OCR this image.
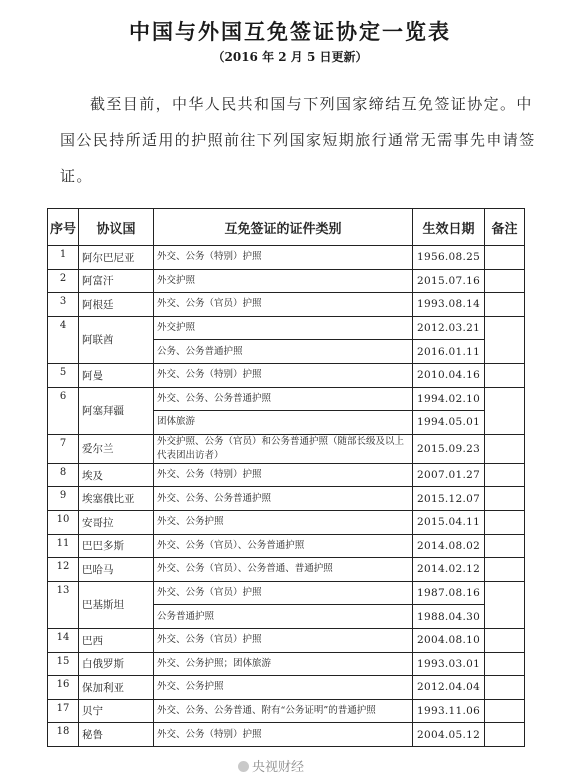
中国与外国互免签证协定一览表
（2016 年 2 月 5 日更新）
截至目前，中华人民共和国与下列国家缔结互免签证协定。中国公民持所适用的护照前往下列国家短期旅行通常无需事先申请签证。
序号	协议国	互免签证的证件类别	生效日期	备注
1	阿尔巴尼亚	外交、公务（特别）护照	1956.08.25	
2	阿富汗	外交护照	2015.07.16	
3	阿根廷	外交、公务（官员）护照	1993.08.14	
4	阿联酋	外交护照	2012.03.21	
		公务、公务普通护照	2016.01.11	
5	阿曼	外交、公务（特别）护照	2010.04.16	
6	阿塞拜疆	外交、公务、公务普通护照	1994.02.10	
		团体旅游	1994.05.01	
7	爱尔兰	外交护照、公务（官员）和公务普通护照（随部长级及以上代表团出访者）	2015.09.23	
8	埃及	外交、公务（特别）护照	2007.01.27	
9	埃塞俄比亚	外交、公务、公务普通护照	2015.12.07	
10	安哥拉	外交、公务护照	2015.04.11	
11	巴巴多斯	外交、公务（官员）、公务普通护照	2014.08.02	
12	巴哈马	外交、公务（官员）、公务普通、普通护照	2014.02.12	
13	巴基斯坦	外交、公务（官员）护照	1987.08.16	
		公务普通护照	1988.04.30	
14	巴西	外交、公务（官员）护照	2004.08.10	
15	白俄罗斯	外交、公务护照；团体旅游	1993.03.01	
16	保加利亚	外交、公务护照	2012.04.04	
17	贝宁	外交、公务、公务普通、附有“公务证明”的普通护照	1993.11.06	
18	秘鲁	外交、公务（特别）护照	2004.05.12	
央视财经
